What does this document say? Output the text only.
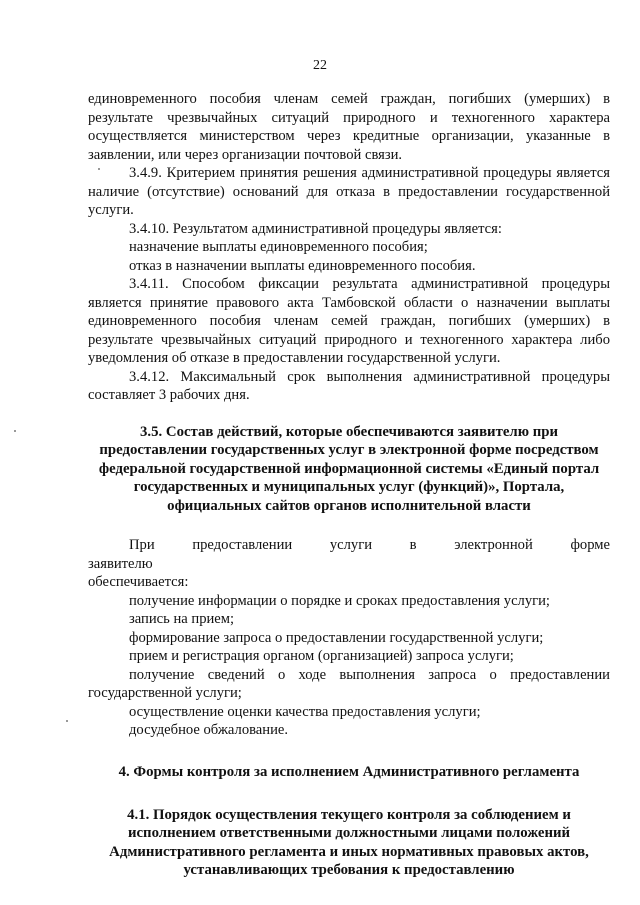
22

единовременного пособия членам семей граждан, погибших (умерших) в результате чрезвычайных ситуаций природного и техногенного характера осуществляется министерством через кредитные организации, указанные в заявлении, или через организации почтовой связи.

3.4.9. Критерием принятия решения административной процедуры является наличие (отсутствие) оснований для отказа в предоставлении государственной услуги.

3.4.10. Результатом административной процедуры является:

назначение выплаты единовременного пособия;

отказ в назначении выплаты единовременного пособия.

3.4.11. Способом фиксации результата административной процедуры является принятие правового акта Тамбовской области о назначении выплаты единовременного пособия членам семей граждан, погибших (умерших) в результате чрезвычайных ситуаций природного и техногенного характера либо уведомления об отказе в предоставлении государственной услуги.

3.4.12. Максимальный срок выполнения административной процедуры составляет 3 рабочих дня.

3.5. Состав действий, которые обеспечиваются заявителю при предоставлении государственных услуг в электронной форме посредством федеральной государственной информационной системы «Единый портал государственных и муниципальных услуг (функций)», Портала, официальных сайтов органов исполнительной власти

При предоставлении услуги в электронной форме заявителю

обеспечивается:

получение информации о порядке и сроках предоставления услуги;

запись на прием;

формирование запроса о предоставлении государственной услуги;

прием и регистрация органом (организацией) запроса услуги;

получение сведений о ходе выполнения запроса о предоставлении государственной услуги;

осуществление оценки качества предоставления услуги;

досудебное обжалование.

4. Формы контроля за исполнением Административного регламента

4.1. Порядок осуществления текущего контроля за соблюдением и исполнением ответственными должностными лицами положений Административного регламента и иных нормативных правовых актов, устанавливающих требования к предоставлению
